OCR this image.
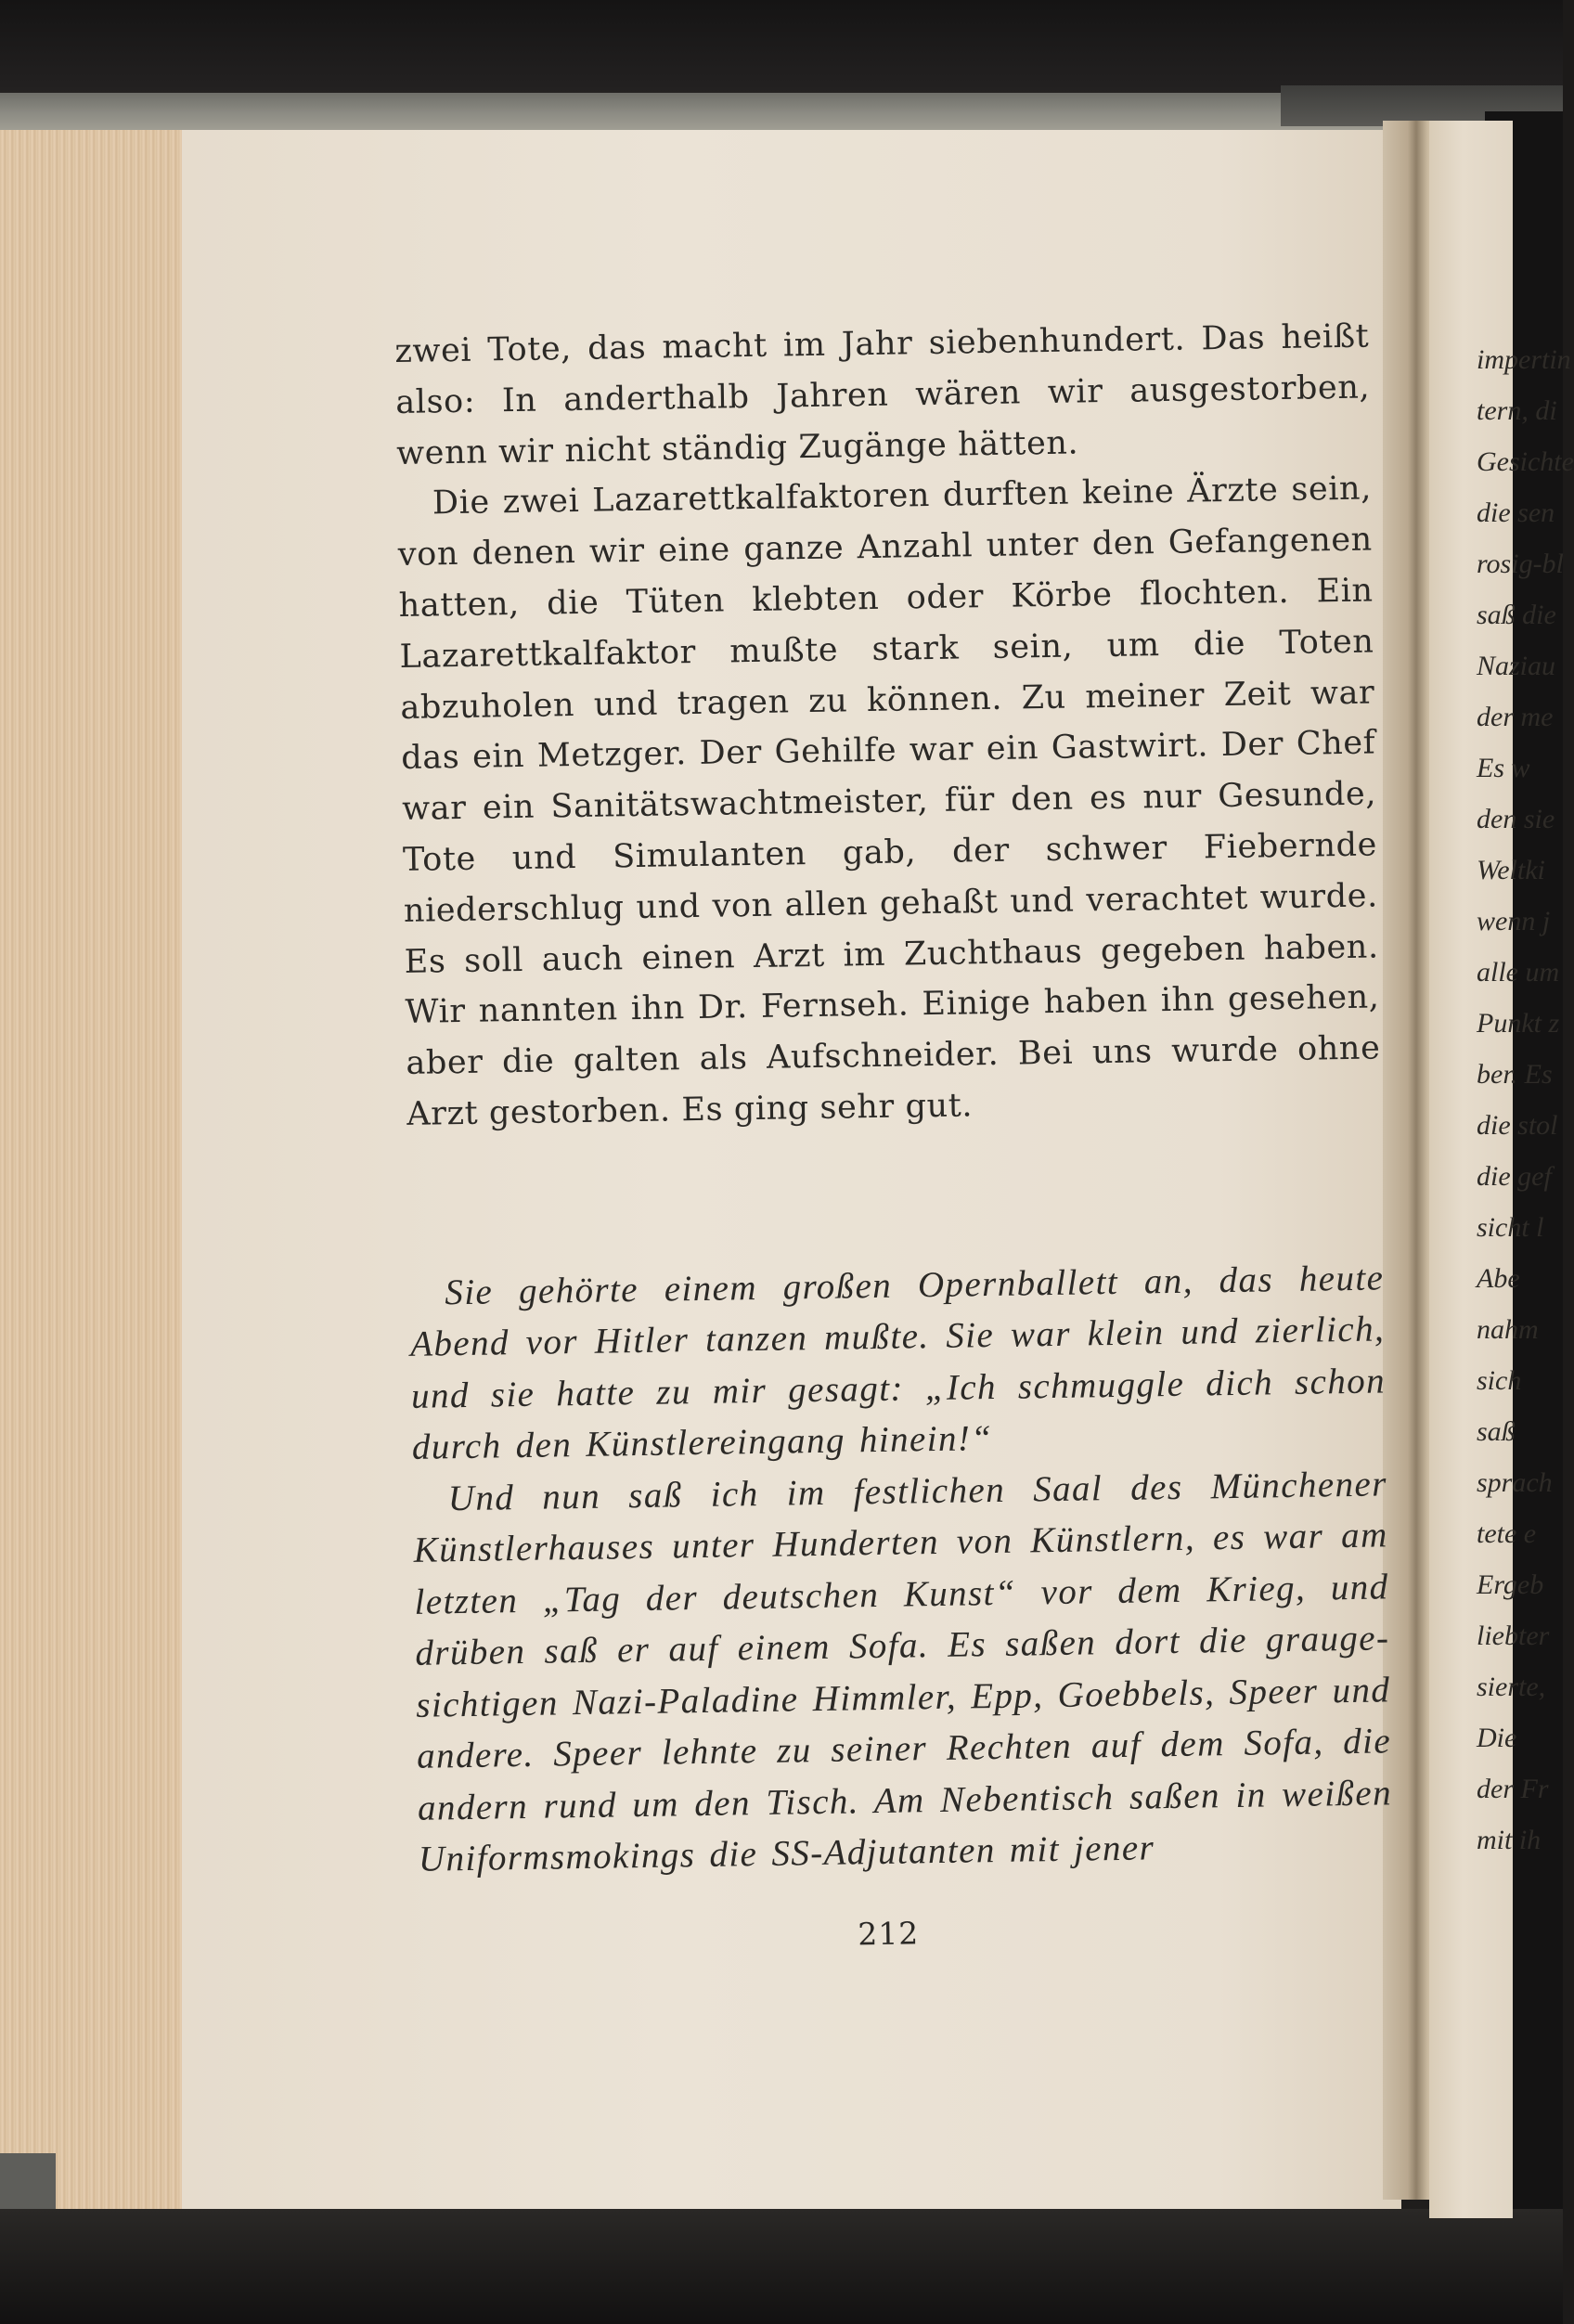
zwei Tote, das macht im Jahr siebenhundert. Das heißt also: In anderthalb Jahren wären wir ausgestorben, wenn wir nicht ständig Zugänge hätten.

Die zwei Lazarettkalfaktoren durften keine Ärzte sein, von denen wir eine ganze Anzahl unter den Gefangenen hatten, die Tüten klebten oder Körbe flochten. Ein Lazarettkalfaktor mußte stark sein, um die Toten abzuholen und tragen zu können. Zu meiner Zeit war das ein Metzger. Der Gehilfe war ein Gastwirt. Der Chef war ein Sanitätswachtmeister, für den es nur Gesunde, Tote und Simulanten gab, der schwer Fiebernde niederschlug und von allen gehaßt und verachtet wurde. Es soll auch einen Arzt im Zuchthaus gegeben haben. Wir nannten ihn Dr. Fernseh. Einige haben ihn gesehen, aber die galten als Aufschneider. Bei uns wurde ohne Arzt gestorben. Es ging sehr gut.

Sie gehörte einem großen Opernballett an, das heute Abend vor Hitler tanzen mußte. Sie war klein und zierlich, und sie hatte zu mir gesagt: „Ich schmuggle dich schon durch den Künstlereingang hinein!“

Und nun saß ich im festlichen Saal des Münchener Künstlerhauses unter Hunderten von Künstlern, es war am letzten „Tag der deutschen Kunst“ vor dem Krieg, und drüben saß er auf einem Sofa. Es saßen dort die grauge-sichtigen Nazi-Paladine Himmler, Epp, Goebbels, Speer und andere. Speer lehnte zu seiner Rechten auf dem Sofa, die andern rund um den Tisch. Am Nebentisch saßen in weißen Uniformsmokings die SS-Adjutanten mit jener

212
impertin
tern, di
Gesichte
die sen
rosig-bl
saß die
Naziau
der me
Es w
den sie
Weltki
wenn j
alle um
Punkt z
ber. Es
die stol
die gef
sicht l
Abe
nahm
sich
saß
sprach
tete e
Ergeb
liebter
sierte,
Die
der Fr
mit ih
